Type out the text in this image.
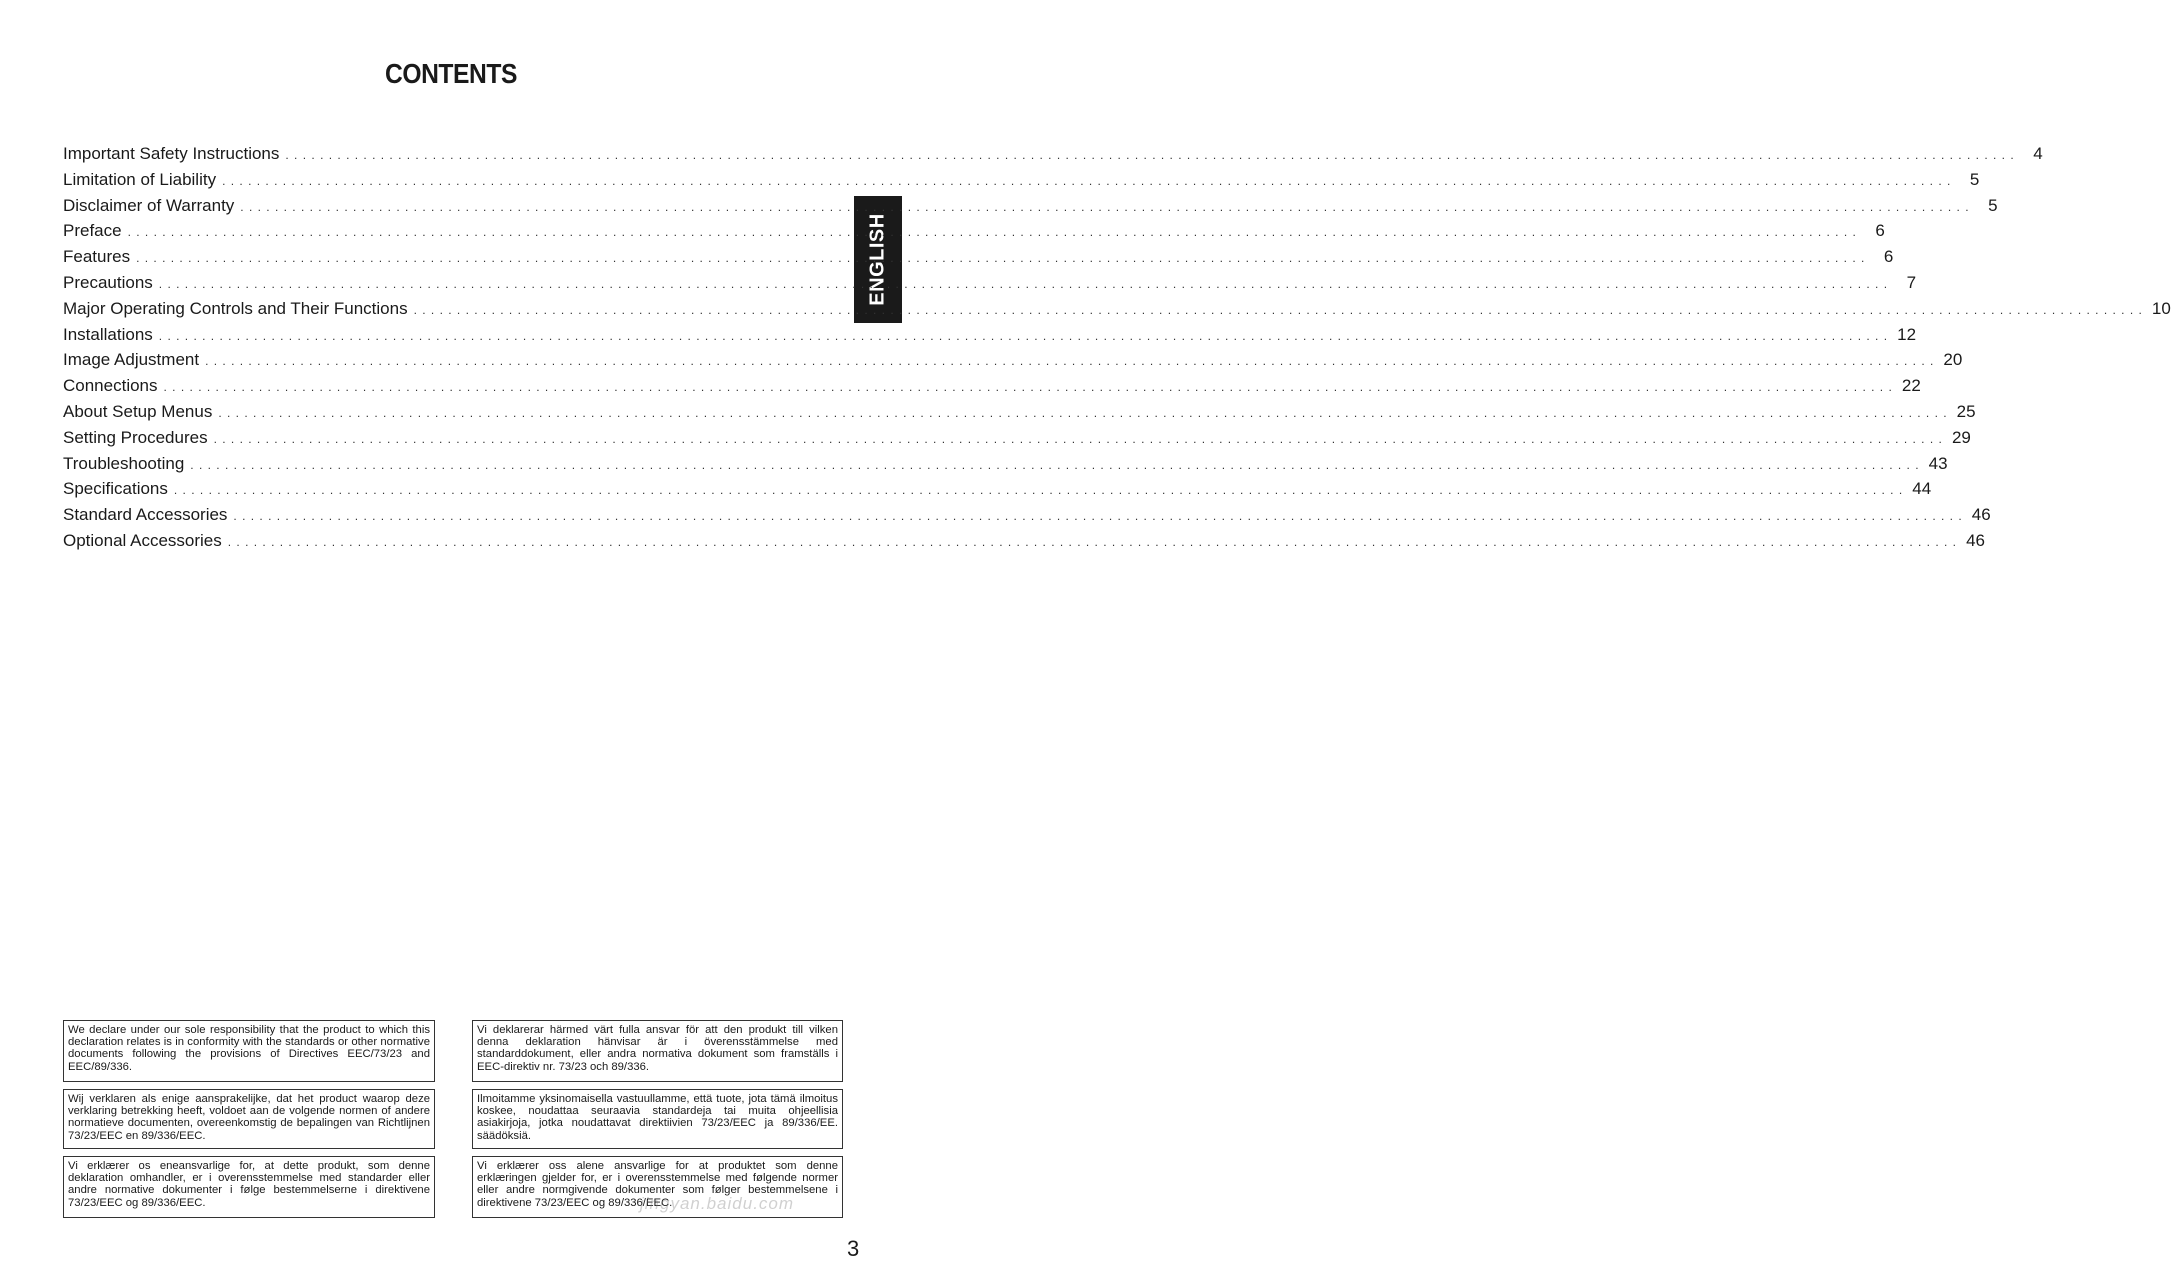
CONTENTS
ENGLISH
Important Safety Instructions . . . . . . . . . . . . . . . . . . . . . . . . . . . . . . . . . . . . . . . . . . . . . . . . . . . . . . . . . . . . . . . . . . . . . . . . . . . . . . . . . . . . . . . . . . . . . . . . . . . . . . . . . . . . . . . . . . . . . . . . . . . . . . . . . . . . . . . . . . . . . . . . . . . . . . . . . . . . . . . . . . . . . . . . . . . . . . . . . . . . . . . . . . . . . . . . . . . . . . . .	4
Limitation of Liability . . . . . . . . . . . . . . . . . . . . . . . . . . . . . . . . . . . . . . . . . . . . . . . . . . . . . . . . . . . . . . . . . . . . . . . . . . . . . . . . . . . . . . . . . . . . . . . . . . . . . . . . . . . . . . . . . . . . . . . . . . . . . . . . . . . . . . . . . . . . . . . . . . . . . . . . . . . . . . . . . . . . . . . . . . . . . . . . . . . . . . . . . . . . . . . . . . . . . . . .	5
Disclaimer of Warranty . . . . . . . . . . . . . . . . . . . . . . . . . . . . . . . . . . . . . . . . . . . . . . . . . . . . . . . . . . . . . . . . . . . . . . . . . . . . . . . . . . . . . . . . . . . . . . . . . . . . . . . . . . . . . . . . . . . . . . . . . . . . . . . . . . . . . . . . . . . . . . . . . . . . . . . . . . . . . . . . . . . . . . . . . . . . . . . . . . . . . . . . . . . . . . . . . . . . . . . .	5
Preface . . . . . . . . . . . . . . . . . . . . . . . . . . . . . . . . . . . . . . . . . . . . . . . . . . . . . . . . . . . . . . . . . . . . . . . . . . . . . . . . . . . . . . . . . . . . . . . . . . . . . . . . . . . . . . . . . . . . . . . . . . . . . . . . . . . . . . . . . . . . . . . . . . . . . . . . . . . . . . . . . . . . . . . . . . . . . . . . . . . . . . . . . . . . . . . . . . . . . . . .	6
Features . . . . . . . . . . . . . . . . . . . . . . . . . . . . . . . . . . . . . . . . . . . . . . . . . . . . . . . . . . . . . . . . . . . . . . . . . . . . . . . . . . . . . . . . . . . . . . . . . . . . . . . . . . . . . . . . . . . . . . . . . . . . . . . . . . . . . . . . . . . . . . . . . . . . . . . . . . . . . . . . . . . . . . . . . . . . . . . . . . . . . . . . . . . . . . . . . . . . . . . .	6
Precautions . . . . . . . . . . . . . . . . . . . . . . . . . . . . . . . . . . . . . . . . . . . . . . . . . . . . . . . . . . . . . . . . . . . . . . . . . . . . . . . . . . . . . . . . . . . . . . . . . . . . . . . . . . . . . . . . . . . . . . . . . . . . . . . . . . . . . . . . . . . . . . . . . . . . . . . . . . . . . . . . . . . . . . . . . . . . . . . . . . . . . . . . . . . . . . . . . . . . . . . .	7
Major Operating Controls and Their Functions . . . . . . . . . . . . . . . . . . . . . . . . . . . . . . . . . . . . . . . . . . . . . . . . . . . . . . . . . . . . . . . . . . . . . . . . . . . . . . . . . . . . . . . . . . . . . . . . . . . . . . . . . . . . . . . . . . . . . . . . . . . . . . . . . . . . . . . . . . . . . . . . . . . . . . . . . . . . . . . . . . . . . . . . . . . . . . . . . . . . . . . . . . . . . . . . . . . . . . . . 10
Installations . . . . . . . . . . . . . . . . . . . . . . . . . . . . . . . . . . . . . . . . . . . . . . . . . . . . . . . . . . . . . . . . . . . . . . . . . . . . . . . . . . . . . . . . . . . . . . . . . . . . . . . . . . . . . . . . . . . . . . . . . . . . . . . . . . . . . . . . . . . . . . . . . . . . . . . . . . . . . . . . . . . . . . . . . . . . . . . . . . . . . . . . . . . . . . . . . . . . . . . . 12
Image Adjustment . . . . . . . . . . . . . . . . . . . . . . . . . . . . . . . . . . . . . . . . . . . . . . . . . . . . . . . . . . . . . . . . . . . . . . . . . . . . . . . . . . . . . . . . . . . . . . . . . . . . . . . . . . . . . . . . . . . . . . . . . . . . . . . . . . . . . . . . . . . . . . . . . . . . . . . . . . . . . . . . . . . . . . . . . . . . . . . . . . . . . . . . . . . . . . . . . . . . . . . . 20
Connections . . . . . . . . . . . . . . . . . . . . . . . . . . . . . . . . . . . . . . . . . . . . . . . . . . . . . . . . . . . . . . . . . . . . . . . . . . . . . . . . . . . . . . . . . . . . . . . . . . . . . . . . . . . . . . . . . . . . . . . . . . . . . . . . . . . . . . . . . . . . . . . . . . . . . . . . . . . . . . . . . . . . . . . . . . . . . . . . . . . . . . . . . . . . . . . . . . . . . . . . 22
About Setup Menus . . . . . . . . . . . . . . . . . . . . . . . . . . . . . . . . . . . . . . . . . . . . . . . . . . . . . . . . . . . . . . . . . . . . . . . . . . . . . . . . . . . . . . . . . . . . . . . . . . . . . . . . . . . . . . . . . . . . . . . . . . . . . . . . . . . . . . . . . . . . . . . . . . . . . . . . . . . . . . . . . . . . . . . . . . . . . . . . . . . . . . . . . . . . . . . . . . . . . . . . 25
Setting Procedures . . . . . . . . . . . . . . . . . . . . . . . . . . . . . . . . . . . . . . . . . . . . . . . . . . . . . . . . . . . . . . . . . . . . . . . . . . . . . . . . . . . . . . . . . . . . . . . . . . . . . . . . . . . . . . . . . . . . . . . . . . . . . . . . . . . . . . . . . . . . . . . . . . . . . . . . . . . . . . . . . . . . . . . . . . . . . . . . . . . . . . . . . . . . . . . . . . . . . . . . 29
Troubleshooting . . . . . . . . . . . . . . . . . . . . . . . . . . . . . . . . . . . . . . . . . . . . . . . . . . . . . . . . . . . . . . . . . . . . . . . . . . . . . . . . . . . . . . . . . . . . . . . . . . . . . . . . . . . . . . . . . . . . . . . . . . . . . . . . . . . . . . . . . . . . . . . . . . . . . . . . . . . . . . . . . . . . . . . . . . . . . . . . . . . . . . . . . . . . . . . . . . . . . . . . 43
Specifications . . . . . . . . . . . . . . . . . . . . . . . . . . . . . . . . . . . . . . . . . . . . . . . . . . . . . . . . . . . . . . . . . . . . . . . . . . . . . . . . . . . . . . . . . . . . . . . . . . . . . . . . . . . . . . . . . . . . . . . . . . . . . . . . . . . . . . . . . . . . . . . . . . . . . . . . . . . . . . . . . . . . . . . . . . . . . . . . . . . . . . . . . . . . . . . . . . . . . . . . 44
Standard Accessories . . . . . . . . . . . . . . . . . . . . . . . . . . . . . . . . . . . . . . . . . . . . . . . . . . . . . . . . . . . . . . . . . . . . . . . . . . . . . . . . . . . . . . . . . . . . . . . . . . . . . . . . . . . . . . . . . . . . . . . . . . . . . . . . . . . . . . . . . . . . . . . . . . . . . . . . . . . . . . . . . . . . . . . . . . . . . . . . . . . . . . . . . . . . . . . . . . . . . . . . 46
Optional Accessories . . . . . . . . . . . . . . . . . . . . . . . . . . . . . . . . . . . . . . . . . . . . . . . . . . . . . . . . . . . . . . . . . . . . . . . . . . . . . . . . . . . . . . . . . . . . . . . . . . . . . . . . . . . . . . . . . . . . . . . . . . . . . . . . . . . . . . . . . . . . . . . . . . . . . . . . . . . . . . . . . . . . . . . . . . . . . . . . . . . . . . . . . . . . . . . . . . . . . . . . 46
We declare under our sole responsibility that the product to which this declaration relates is in conformity with the standards or other normative documents following the provisions of Directives EEC/73/23 and EEC/89/336.
Vi deklarerar härmed värt fulla ansvar för att den produkt till vilken denna deklaration hänvisar är i överensstämmelse med standarddokument, eller andra normativa dokument som framställs i EEC-direktiv nr. 73/23 och 89/336.
Wij verklaren als enige aansprakelijke, dat het product waarop deze verklaring betrekking heeft, voldoet aan de volgende normen of andere normatieve documenten, overeenkomstig de bepalingen van Richtlijnen 73/23/EEC en 89/336/EEC.
Ilmoitamme yksinomaisella vastuullamme, että tuote, jota tämä ilmoitus koskee, noudattaa seuraavia standardeja tai muita ohjeellisia asiakirjoja, jotka noudattavat direktiivien 73/23/EEC ja 89/336/EE. säädöksiä.
Vi erklærer os eneansvarlige for, at dette produkt, som denne deklaration omhandler, er i overensstemmelse med standarder eller andre normative dokumenter i følge bestemmelserne i direktivene 73/23/EEC og 89/336/EEC.
Vi erklærer oss alene ansvarlige for at produktet som denne erklæringen gjelder for, er i overensstemmelse med følgende normer eller andre normgivende dokumenter som følger bestemmelsene i direktivene 73/23/EEC og 89/336/EEC.
jingyan.baidu.com
3
